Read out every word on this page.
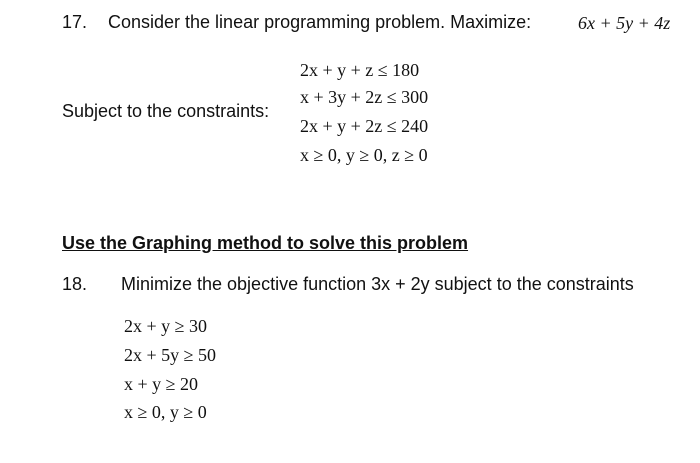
17. Consider the linear programming problem. Maximize:	6x + 5y + 4z
Subject to the constraints:
2x + y + z ≤ 180
x + 3y + 2z ≤ 300
2x + y + 2z ≤ 240
x ≥ 0, y ≥ 0, z ≥ 0
Use the Graphing method to solve this problem
18. Minimize the objective function 3x + 2y subject to the constraints
2x + y ≥ 30
2x + 5y ≥ 50
x + y ≥ 20
x ≥ 0, y ≥ 0
